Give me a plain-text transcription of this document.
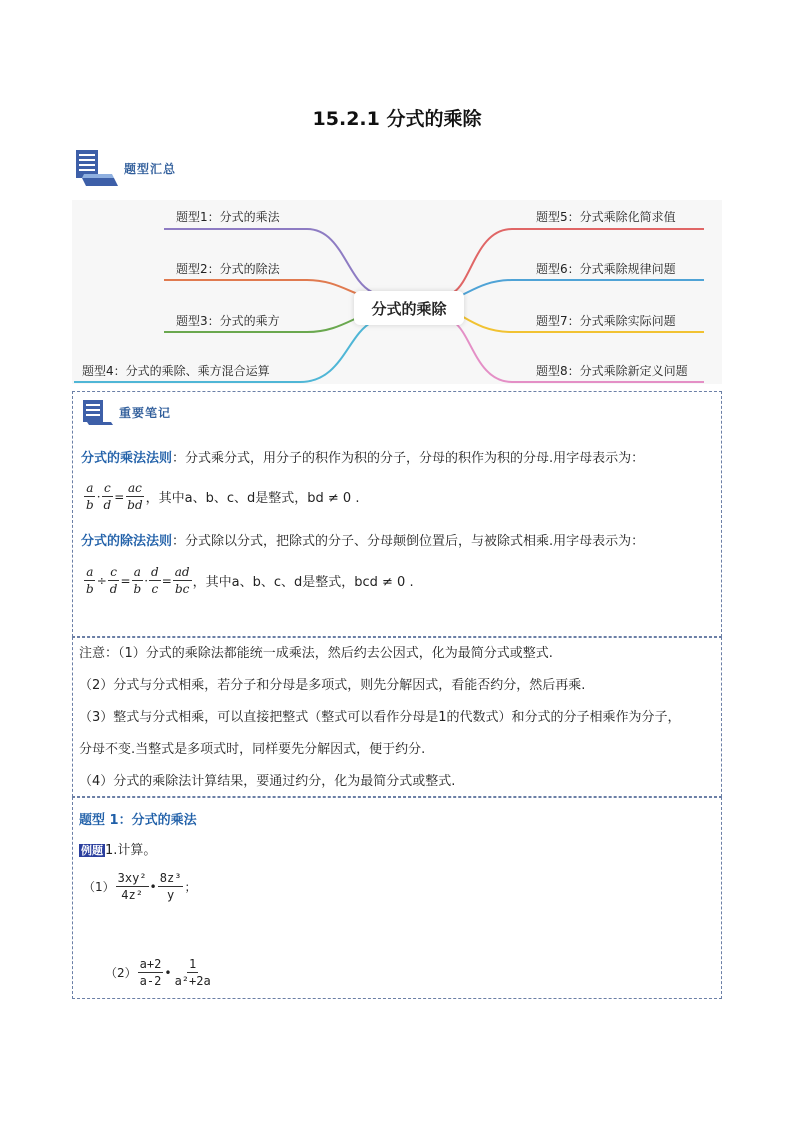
15.2.1 分式的乘除
题型汇总
分式的乘除
题型1：分式的乘法
题型2：分式的除法
题型3：分式的乘方
题型4：分式的乘除、乘方混合运算
题型5：分式乘除化简求值
题型6：分式乘除规律问题
题型7：分式乘除实际问题
题型8：分式乘除新定义问题
重要笔记
分式的乘法法则：分式乘分式，用分子的积作为积的分子，分母的积作为积的分母.用字母表示为：
$\frac{a}{b} \cdot \frac{c}{d} = \frac{ac}{bd}$ ，其中a、b、c、d是整式，bd ≠ 0 .
分式的除法法则：分式除以分式，把除式的分子、分母颠倒位置后，与被除式相乘.用字母表示为：
$\frac{a}{b} \div \frac{c}{d} = \frac{a}{b} \cdot \frac{d}{c} = \frac{ad}{bc}$ ，其中a、b、c、d是整式，bcd ≠ 0 .
注意：（1）分式的乘除法都能统一成乘法，然后约去公因式，化为最简分式或整式.
（2）分式与分式相乘，若分子和分母是多项式，则先分解因式，看能否约分，然后再乘.
（3）整式与分式相乘，可以直接把整式（整式可以看作分母是1的代数式）和分式的分子相乘作为分子，
分母不变.当整式是多项式时，同样要先分解因式，便于约分.
（4）分式的乘除法计算结果，要通过约分，化为最简分式或整式.
题型 1：分式的乘法
例题 1.计算。
$(1) \frac{\text{3xy²}}{\text{4z²}}$ • $\frac{\text{8z³}}{y}$ ；
$(2) \frac{a+2}{a-2}$ • $\frac{1}{\text{a²+2a}}$
